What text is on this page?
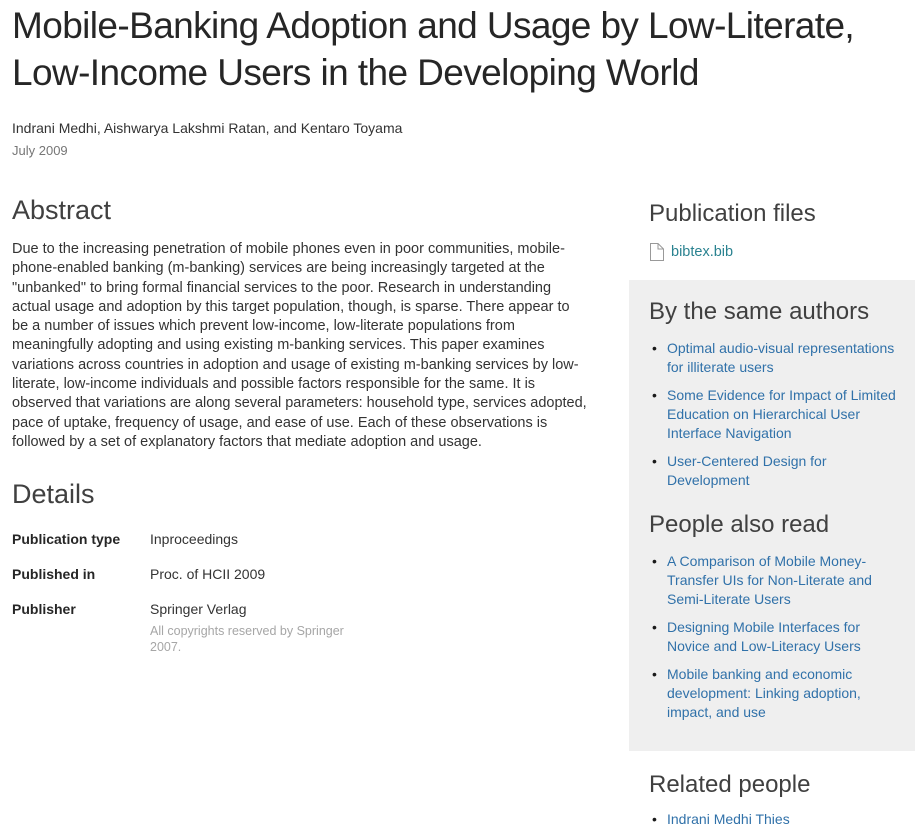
Mobile-Banking Adoption and Usage by Low-Literate, Low-Income Users in the Developing World
Indrani Medhi, Aishwarya Lakshmi Ratan, and Kentaro Toyama
July 2009
Abstract

Due to the increasing penetration of mobile phones even in poor communities, mobile-phone-enabled banking (m-banking) services are being increasingly targeted at the "unbanked" to bring formal financial services to the poor. Research in understanding actual usage and adoption by this target population, though, is sparse. There appear to be a number of issues which prevent low-income, low-literate populations from meaningfully adopting and using existing m-banking services. This paper examines variations across countries in adoption and usage of existing m-banking services by low-literate, low-income individuals and possible factors responsible for the same. It is observed that variations are along several parameters: household type, services adopted, pace of uptake, frequency of usage, and ease of use. Each of these observations is followed by a set of explanatory factors that mediate adoption and usage.

Details
Publication type	Inproceedings
Published in	Proc. of HCII 2009
Publisher	Springer Verlag
All copyrights reserved by Springer 2007.
Publication files
bibtex.bib
By the same authors
• Optimal audio-visual representations for illiterate users
• Some Evidence for Impact of Limited Education on Hierarchical User Interface Navigation
• User-Centered Design for Development
People also read
• A Comparison of Mobile Money-Transfer UIs for Non-Literate and Semi-Literate Users
• Designing Mobile Interfaces for Novice and Low-Literacy Users
• Mobile banking and economic development: Linking adoption, impact, and use
Related people
• Indrani Medhi Thies
